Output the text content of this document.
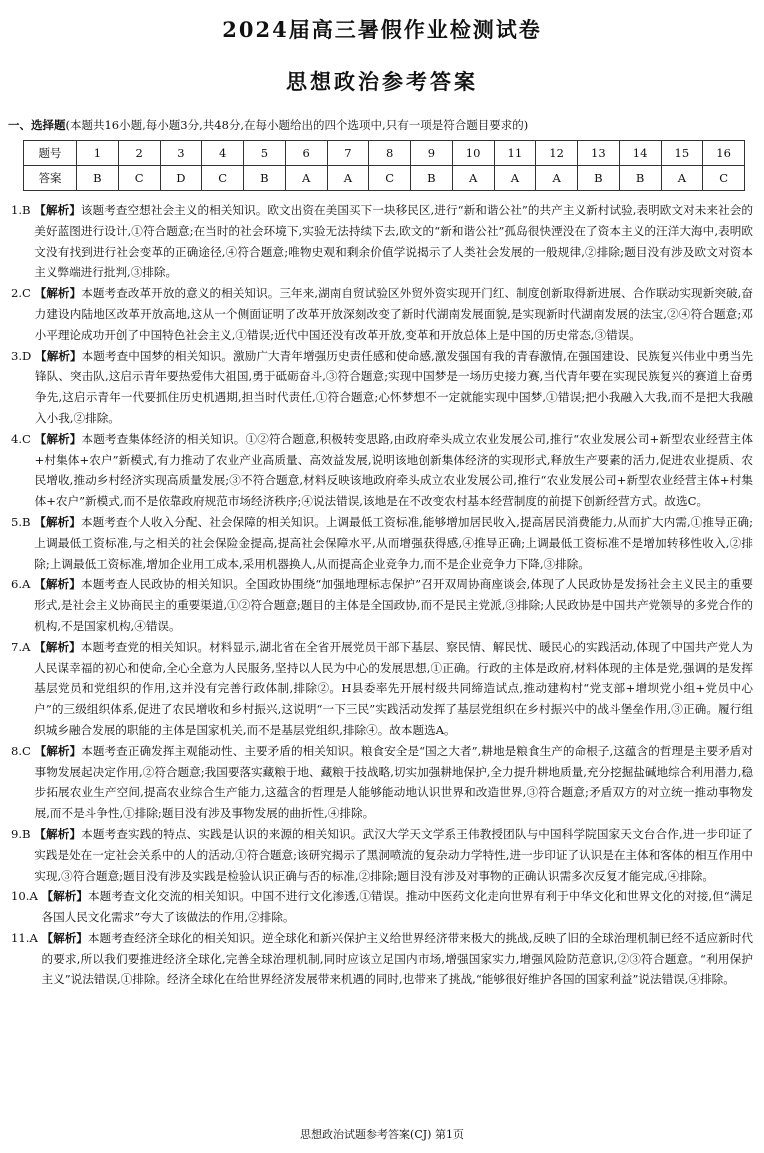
2024届高三暑假作业检测试卷
思想政治参考答案
一、选择题(本题共16小题,每小题3分,共48分,在每小题给出的四个选项中,只有一项是符合题目要求的)
题号	1	2	3	4	5	6	7	8	9	10	11	12	13	14	15	16
答案	B	C	D	C	B	A	A	C	B	A	A	A	B	B	A	C
1.B 【解析】该题考查空想社会主义的相关知识。欧文出资在美国买下一块移民区,进行“新和谐公社”的共产主义新村试验,表明欧文对未来社会的美好蓝图进行设计,①符合题意;在当时的社会环境下,实验无法持续下去,欧文的“新和谐公社”孤岛很快湮没在了资本主义的汪洋大海中,表明欧文没有找到进行社会变革的正确途径,④符合题意;唯物史观和剩余价值学说揭示了人类社会发展的一般规律,②排除;题目没有涉及欧文对资本主义弊端进行批判,③排除。
2.C 【解析】本题考查改革开放的意义的相关知识。三年来,湖南自贸试验区外贸外资实现开门红、制度创新取得新进展、合作联动实现新突破,奋力建设内陆地区改革开放高地,这从一个侧面证明了改革开放深刻改变了新时代湖南发展面貌,是实现新时代湖南发展的法宝,②④符合题意;邓小平理论成功开创了中国特色社会主义,①错误;近代中国还没有改革开放,变革和开放总体上是中国的历史常态,③错误。
3.D 【解析】本题考查中国梦的相关知识。激励广大青年增强历史责任感和使命感,激发强国有我的青春激情,在强国建设、民族复兴伟业中勇当先锋队、突击队,这启示青年要热爱伟大祖国,勇于砥砺奋斗,③符合题意;实现中国梦是一场历史接力赛,当代青年要在实现民族复兴的赛道上奋勇争先,这启示青年一代要抓住历史机遇期,担当时代责任,①符合题意;心怀梦想不一定就能实现中国梦,①错误;把小我融入大我,而不是把大我融入小我,②排除。
4.C 【解析】本题考查集体经济的相关知识。①②符合题意,积极转变思路,由政府牵头成立农业发展公司,推行“农业发展公司+新型农业经营主体+村集体+农户”新模式,有力推动了农业产业高质量、高效益发展,说明该地创新集体经济的实现形式,释放生产要素的活力,促进农业提质、农民增收,推动乡村经济实现高质量发展;③不符合题意,材料反映该地政府牵头成立农业发展公司,推行“农业发展公司+新型农业经营主体+村集体+农户”新模式,而不是依靠政府规范市场经济秩序;④说法错误,该地是在不改变农村基本经营制度的前提下创新经营方式。故选C。
5.B 【解析】本题考查个人收入分配、社会保障的相关知识。上调最低工资标准,能够增加居民收入,提高居民消费能力,从而扩大内需,①推导正确;上调最低工资标准,与之相关的社会保险金提高,提高社会保障水平,从而增强获得感,④推导正确;上调最低工资标准不是增加转移性收入,②排除;上调最低工资标准,增加企业用工成本,采用机器换人,从而提高企业竞争力,而不是企业竞争力下降,③排除。
6.A 【解析】本题考查人民政协的相关知识。全国政协围绕“加强地理标志保护”召开双周协商座谈会,体现了人民政协是发扬社会主义民主的重要形式,是社会主义协商民主的重要渠道,①②符合题意;题目的主体是全国政协,而不是民主党派,③排除;人民政协是中国共产党领导的多党合作的机构,不是国家机构,④错误。
7.A 【解析】本题考查党的相关知识。材料显示,湖北省在全省开展党员干部下基层、察民情、解民忧、暖民心的实践活动,体现了中国共产党人为人民谋幸福的初心和使命,全心全意为人民服务,坚持以人民为中心的发展思想,①正确。行政的主体是政府,材料体现的主体是党,强调的是发挥基层党员和党组织的作用,这并没有完善行政体制,排除②。H县委率先开展村级共同缔造试点,推动建构村“党支部+增坝党小组+党员中心户”的三级组织体系,促进了农民增收和乡村振兴,这说明“一下三民”实践活动发挥了基层党组织在乡村振兴中的战斗堡垒作用,③正确。履行组织城乡融合发展的职能的主体是国家机关,而不是基层党组织,排除④。故本题选A。
8.C 【解析】本题考查正确发挥主观能动性、主要矛盾的相关知识。粮食安全是“国之大者”,耕地是粮食生产的命根子,这蕴含的哲理是主要矛盾对事物发展起决定作用,②符合题意;我国要落实藏粮于地、藏粮于技战略,切实加强耕地保护,全力提升耕地质量,充分挖掘盐碱地综合利用潜力,稳步拓展农业生产空间,提高农业综合生产能力,这蕴含的哲理是人能够能动地认识世界和改造世界,③符合题意;矛盾双方的对立统一推动事物发展,而不是斗争性,①排除;题目没有涉及事物发展的曲折性,④排除。
9.B 【解析】本题考查实践的特点、实践是认识的来源的相关知识。武汉大学天文学系王伟教授团队与中国科学院国家天文台合作,进一步印证了实践是处在一定社会关系中的人的活动,①符合题意;该研究揭示了黑洞喷流的复杂动力学特性,进一步印证了认识是在主体和客体的相互作用中实现,③符合题意;题目没有涉及实践是检验认识正确与否的标准,②排除;题目没有涉及对事物的正确认识需多次反复才能完成,④排除。
10.A 【解析】本题考查文化交流的相关知识。中国不进行文化渗透,①错误。推动中医药文化走向世界有利于中华文化和世界文化的对接,但“满足各国人民文化需求”夸大了该做法的作用,②排除。
11.A 【解析】本题考查经济全球化的相关知识。逆全球化和新兴保护主义给世界经济带来极大的挑战,反映了旧的全球治理机制已经不适应新时代的要求,所以我们要推进经济全球化,完善全球治理机制,同时应该立足国内市场,增强国家实力,增强风险防范意识,②③符合题意。“利用保护主义”说法错误,①排除。经济全球化在给世界经济发展带来机遇的同时,也带来了挑战,“能够很好维护各国的国家利益”说法错误,④排除。
思想政治试题参考答案(CJ) 第1页
